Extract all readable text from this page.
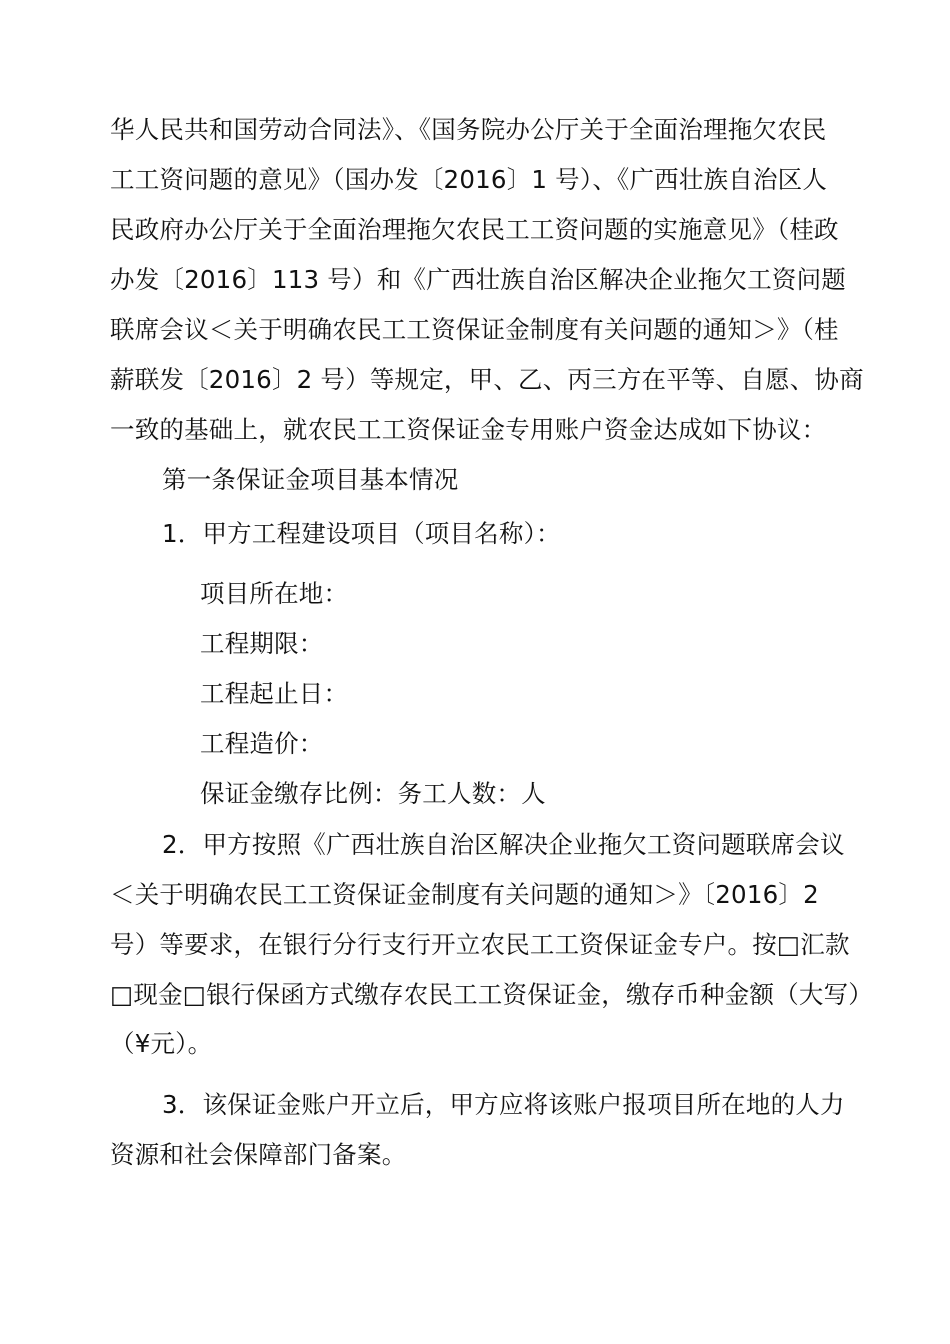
华人民共和国劳动合同法》、《国务院办公厅关于全面治理拖欠农民
工工资问题的意见》（国办发〔2016〕1 号）、《广西壮族自治区人
民政府办公厅关于全面治理拖欠农民工工资问题的实施意见》（桂政
办发〔2016〕113 号）和《广西壮族自治区解决企业拖欠工资问题
联席会议＜关于明确农民工工资保证金制度有关问题的通知＞》（桂
薪联发〔2016〕2 号）等规定，甲、乙、丙三方在平等、自愿、协商
一致的基础上，就农民工工资保证金专用账户资金达成如下协议：
第一条保证金项目基本情况
1．甲方工程建设项目（项目名称）：
项目所在地：
工程期限：
工程起止日：
工程造价：
保证金缴存比例：务工人数：人
2．甲方按照《广西壮族自治区解决企业拖欠工资问题联席会议
＜关于明确农民工工资保证金制度有关问题的通知＞》〔2016〕2
号）等要求，在银行分行支行开立农民工工资保证金专户。按□汇款
□现金□银行保函方式缴存农民工工资保证金，缴存币种金额（大写）
（¥元）。
3．该保证金账户开立后，甲方应将该账户报项目所在地的人力
资源和社会保障部门备案。
